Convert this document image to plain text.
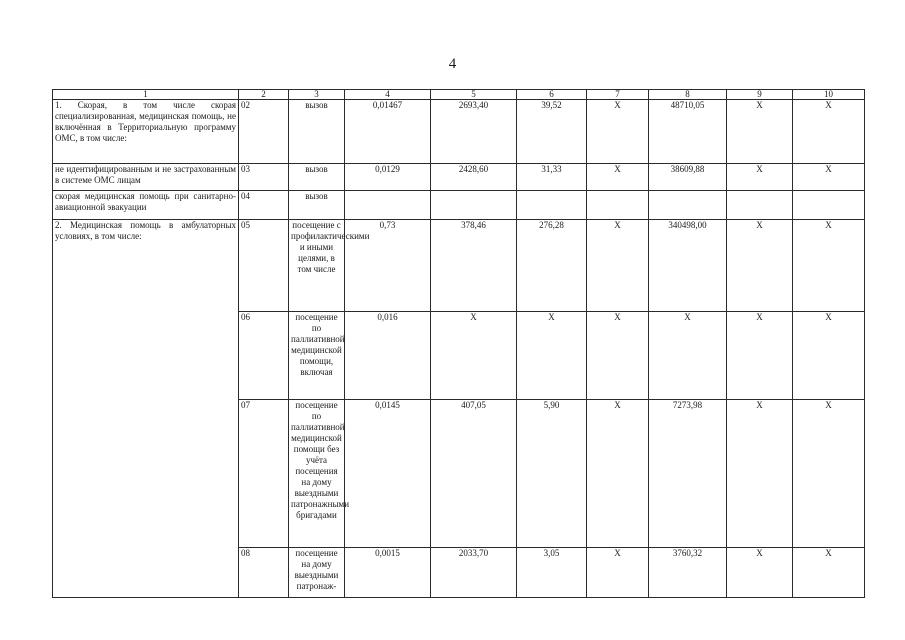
4
1	2	3	4	5	6	7	8	9	10
1. Скорая, в том числе скорая специализированная, медицинская помощь, не включённая в Территориальную программу ОМС, в том числе:	02	вызов	0,01467	2693,40	39,52	Х	48710,05	Х	Х
не идентифицированным и не застрахованным в системе ОМС лицам	03	вызов	0,0129	2428,60	31,33	Х	38609,88	Х	Х
скорая медицинская помощь при санитарно-авиационной эвакуации	04	вызов							
2. Медицинская помощь в амбулаторных условиях, в том числе:	05	посещение с профилактическими и иными целями, в том числе	0,73	378,46	276,28	Х	340498,00	Х	Х
	06	посещение по паллиативной медицинской помощи, включая	0,016	Х	Х	Х	Х	Х	Х
	07	посещение по паллиативной медицинской помощи без учёта посещения на дому выездными патронажными бригадами	0,0145	407,05	5,90	Х	7273,98	Х	Х
	08	посещение на дому выездными патронаж-	0,0015	2033,70	3,05	Х	3760,32	Х	Х
